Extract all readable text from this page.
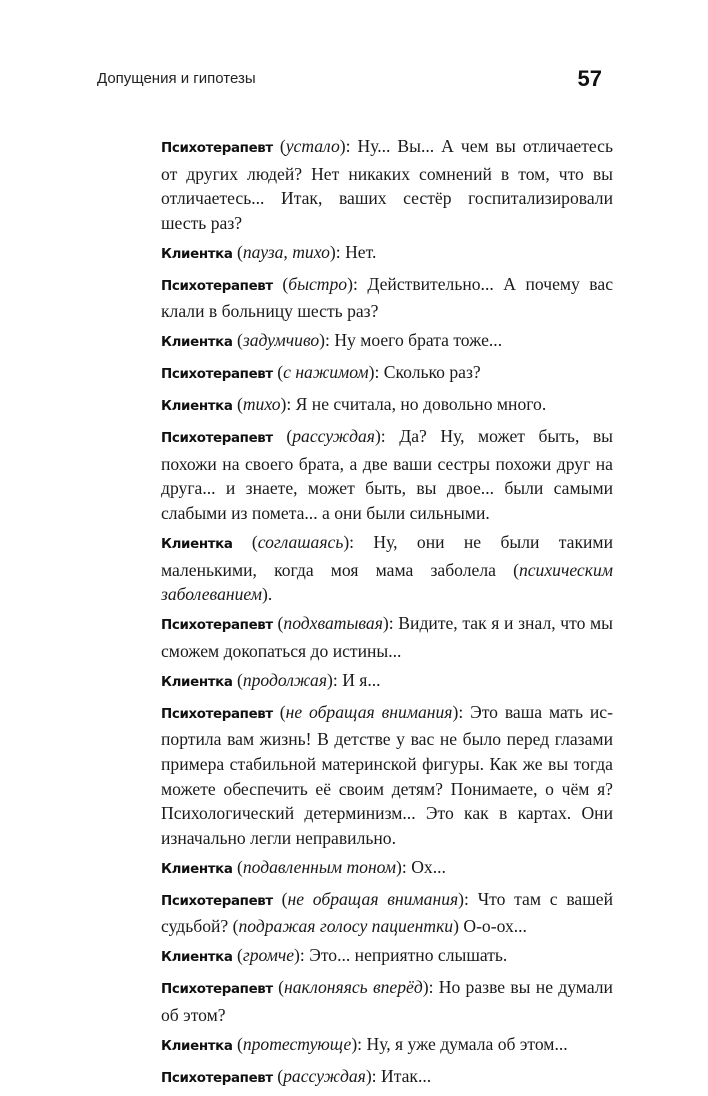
Допущения и гипотезы	57

Психотерапевт (устало): Ну... Вы... А чем вы отличаетесь от других людей? Нет никаких сомнений в том, что вы отличаетесь... Итак, ваших сестёр госпитализировали шесть раз?

Клиентка (пауза, тихо): Нет.

Психотерапевт (быстро): Действительно... А почему вас клали в больницу шесть раз?

Клиентка (задумчиво): Ну моего брата тоже...

Психотерапевт (с нажимом): Сколько раз?

Клиентка (тихо): Я не считала, но довольно много.

Психотерапевт (рассуждая): Да? Ну, может быть, вы похожи на своего брата, а две ваши сестры похожи друг на друга... и знаете, может быть, вы двое... были самыми слабыми из помета... а они были сильными.

Клиентка (соглашаясь): Ну, они не были такими маленькими, когда моя мама заболела (психическим заболеванием).

Психотерапевт (подхватывая): Видите, так я и знал, что мы сможем докопаться до истины...

Клиентка (продолжая): И я...

Психотерапевт (не обращая внимания): Это ваша мать испортила вам жизнь! В детстве у вас не было перед глазами примера стабильной материнской фигуры. Как же вы тогда можете обеспечить её своим детям? Понимаете, о чём я? Психологический детерминизм... Это как в картах. Они изначально легли неправильно.

Клиентка (подавленным тоном): Ох...

Психотерапевт (не обращая внимания): Что там с вашей судьбой? (подражая голосу пациентки) О-о-ох...

Клиентка (громче): Это... неприятно слышать.

Психотерапевт (наклоняясь вперёд): Но разве вы не думали об этом?

Клиентка (протестующе): Ну, я уже думала об этом...

Психотерапевт (рассуждая): Итак...
